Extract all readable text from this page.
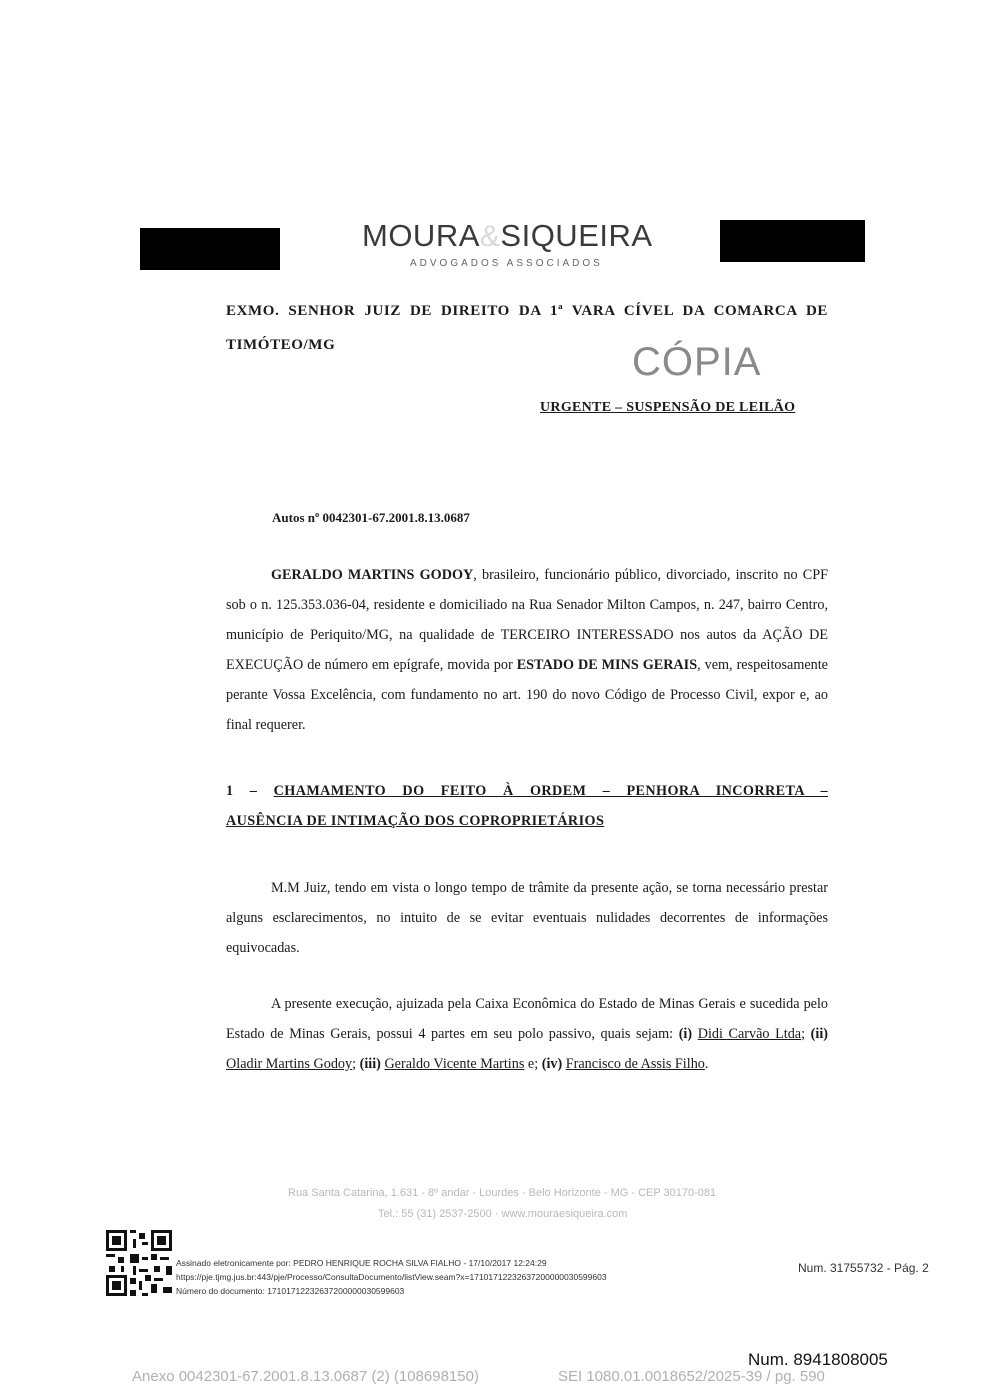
MOURA&SIQUEIRA
ADVOGADOS ASSOCIADOS
EXMO. SENHOR JUIZ DE DIREITO DA 1ª VARA CÍVEL DA COMARCA DE TIMÓTEO/MG	CÓPIA
URGENTE – SUSPENSÃO DE LEILÃO
Autos nº 0042301-67.2001.8.13.0687

GERALDO MARTINS GODOY, brasileiro, funcionário público, divorciado, inscrito no CPF sob o n. 125.353.036-04, residente e domiciliado na Rua Senador Milton Campos, n. 247, bairro Centro, município de Periquito/MG, na qualidade de TERCEIRO INTERESSADO nos autos da AÇÃO DE EXECUÇÃO de número em epígrafe, movida por ESTADO DE MINS GERAIS, vem, respeitosamente perante Vossa Excelência, com fundamento no art. 190 do novo Código de Processo Civil, expor e, ao final requerer.

1 – CHAMAMENTO DO FEITO À ORDEM – PENHORA INCORRETA –
AUSÊNCIA DE INTIMAÇÃO DOS COPROPRIETÁRIOS

M.M Juiz, tendo em vista o longo tempo de trâmite da presente ação, se torna necessário prestar alguns esclarecimentos, no intuito de se evitar eventuais nulidades decorrentes de informações equivocadas.

A presente execução, ajuizada pela Caixa Econômica do Estado de Minas Gerais e sucedida pelo Estado de Minas Gerais, possui 4 partes em seu polo passivo, quais sejam: (i) Didi Carvão Ltda; (ii) Oladir Martins Godoy; (iii) Geraldo Vicente Martins e; (iv) Francisco de Assis Filho.

Rua Santa Catarina, 1.631 - 8º andar - Lourdes - Belo Horizonte - MG - CEP 30170-081
Tel.: 55 (31) 2537-2500 · www.mouraesiqueira.com
Assinado eletronicamente por: PEDRO HENRIQUE ROCHA SILVA FIALHO - 17/10/2017 12:24:29
https://pje.tjmg.jus.br:443/pje/Processo/ConsultaDocumento/listView.seam?x=17101712232637200000030599603
Número do documento: 17101712232637200000030599603
Num. 31755732 - Pág. 2
Num. 8941808005
Anexo 0042301-67.2001.8.13.0687 (2) (108698150)	SEI 1080.01.0018652/2025-39 / pg. 590
